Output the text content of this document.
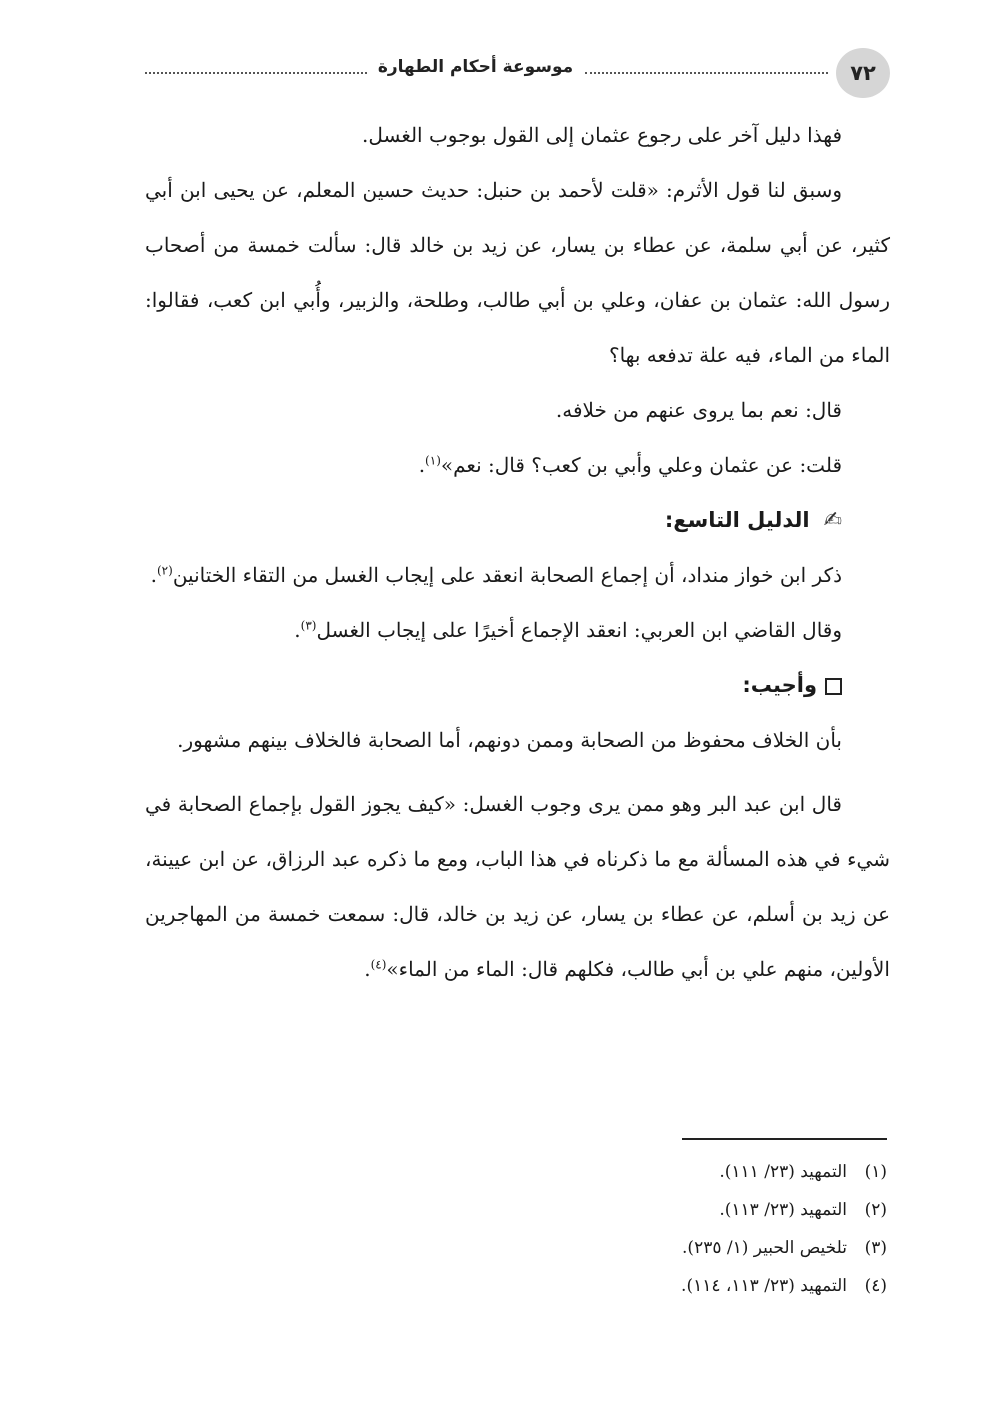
٧٢
موسوعة أحكام الطهارة

فهذا دليل آخر على رجوع عثمان إلى القول بوجوب الغسل.

وسبق لنا قول الأثرم: «قلت لأحمد بن حنبل: حديث حسين المعلم، عن يحيى ابن أبي كثير، عن أبي سلمة، عن عطاء بن يسار، عن زيد بن خالد قال: سألت خمسة من أصحاب رسول الله: عثمان بن عفان، وعلي بن أبي طالب، وطلحة، والزبير، وأُبي ابن كعب، فقالوا: الماء من الماء، فيه علة تدفعه بها؟

قال: نعم بما يروى عنهم من خلافه.

قلت: عن عثمان وعلي وأبي بن كعب؟ قال: نعم»$^{(١)}$.

✍الدليل التاسع:

ذكر ابن خواز منداد، أن إجماع الصحابة انعقد على إيجاب الغسل من التقاء الختانين$^{(٢)}$.

وقال القاضي ابن العربي: انعقد الإجماع أخيرًا على إيجاب الغسل$^{(٣)}$.

وأجيب:

بأن الخلاف محفوظ من الصحابة وممن دونهم، أما الصحابة فالخلاف بينهم مشهور.

قال ابن عبد البر وهو ممن يرى وجوب الغسل: «كيف يجوز القول بإجماع الصحابة في شيء في هذه المسألة مع ما ذكرناه في هذا الباب، ومع ما ذكره عبد الرزاق، عن ابن عيينة، عن زيد بن أسلم، عن عطاء بن يسار، عن زيد بن خالد، قال: سمعت خمسة من المهاجرين الأولين، منهم علي بن أبي طالب، فكلهم قال: الماء من الماء»$^{(٤)}$.

(١)التمهيد (٢٣/ ١١١).
(٢)التمهيد (٢٣/ ١١٣).
(٣)تلخيص الحبير (١/ ٢٣٥).
(٤)التمهيد (٢٣/ ١١٣، ١١٤).
